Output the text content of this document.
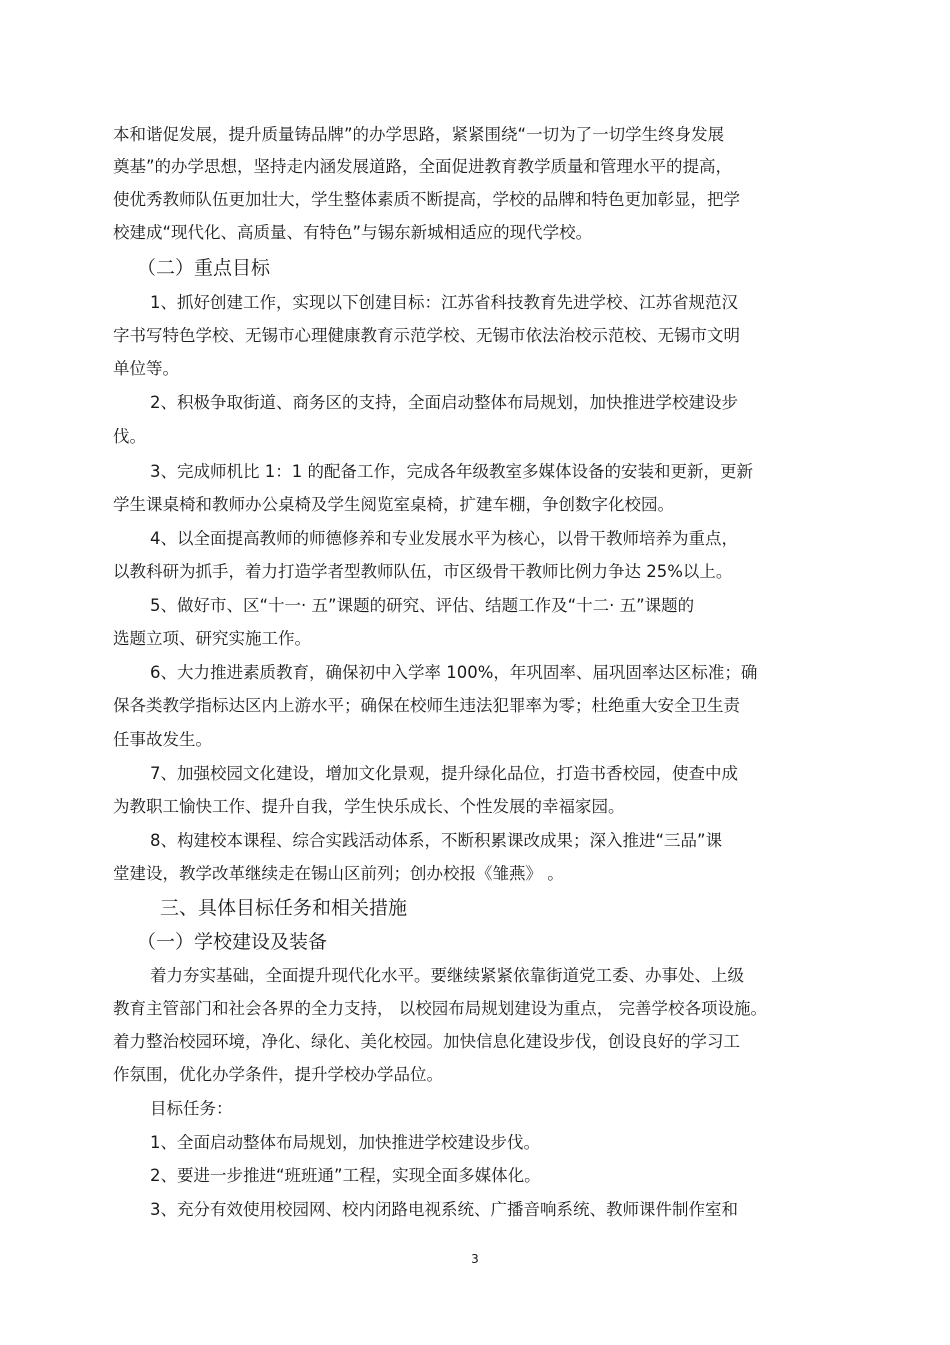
本和谐促发展，提升质量铸品牌”的办学思路，紧紧围绕“一切为了一切学生终身发展

奠基”的办学思想，坚持走内涵发展道路，全面促进教育教学质量和管理水平的提高，

使优秀教师队伍更加壮大，学生整体素质不断提高，学校的品牌和特色更加彰显，把学

校建成“现代化、高质量、有特色”与锡东新城相适应的现代学校。

（二）重点目标

1、抓好创建工作，实现以下创建目标：江苏省科技教育先进学校、江苏省规范汉

字书写特色学校、无锡市心理健康教育示范学校、无锡市依法治校示范校、无锡市文明

单位等。

2、积极争取街道、商务区的支持，全面启动整体布局规划，加快推进学校建设步

伐。

3、完成师机比 1：1 的配备工作，完成各年级教室多媒体设备的安装和更新，更新

学生课桌椅和教师办公桌椅及学生阅览室桌椅，扩建车棚，争创数字化校园。

4、以全面提高教师的师德修养和专业发展水平为核心，以骨干教师培养为重点，

以教科研为抓手，着力打造学者型教师队伍，市区级骨干教师比例力争达 25%以上。

5、做好市、区“十一· 五”课题的研究、评估、结题工作及“十二· 五”课题的

选题立项、研究实施工作。

6、大力推进素质教育，确保初中入学率 100%，年巩固率、届巩固率达区标准；确

保各类教学指标达区内上游水平；确保在校师生违法犯罪率为零；杜绝重大安全卫生责

任事故发生。

7、加强校园文化建设，增加文化景观，提升绿化品位，打造书香校园，使查中成

为教职工愉快工作、提升自我，学生快乐成长、个性发展的幸福家园。

8、构建校本课程、综合实践活动体系，不断积累课改成果；深入推进“三品”课

堂建设，教学改革继续走在锡山区前列；创办校报《雏燕》 。

三、具体目标任务和相关措施

（一）学校建设及装备

着力夯实基础，全面提升现代化水平。要继续紧紧依靠街道党工委、办事处、上级

教育主管部门和社会各界的全力支持， 以校园布局规划建设为重点， 完善学校各项设施。

着力整治校园环境，净化、绿化、美化校园。加快信息化建设步伐，创设良好的学习工

作氛围，优化办学条件，提升学校办学品位。

目标任务：

1、全面启动整体布局规划，加快推进学校建设步伐。

2、要进一步推进“班班通”工程，实现全面多媒体化。

3、充分有效使用校园网、校内闭路电视系统、广播音响系统、教师课件制作室和

3
